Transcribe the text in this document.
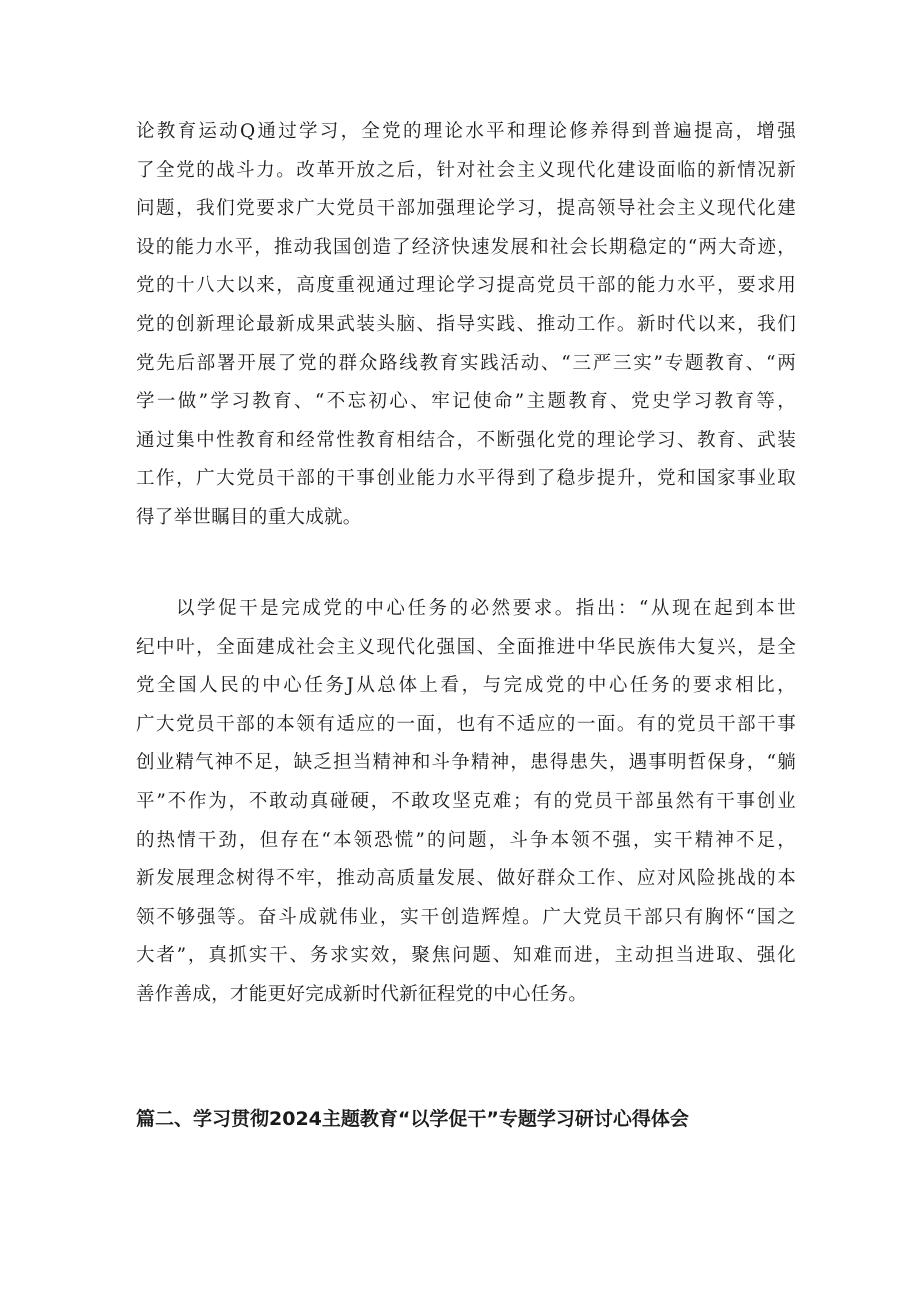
论教育运动Q通过学习，全党的理论水平和理论修养得到普遍提高，增强
了全党的战斗力。改革开放之后，针对社会主义现代化建设面临的新情况新
问题，我们党要求广大党员干部加强理论学习，提高领导社会主义现代化建
设的能力水平，推动我国创造了经济快速发展和社会长期稳定的“两大奇迹，
党的十八大以来，高度重视通过理论学习提高党员干部的能力水平，要求用
党的创新理论最新成果武装头脑、指导实践、推动工作。新时代以来，我们
党先后部署开展了党的群众路线教育实践活动、“三严三实”专题教育、“两
学一做”学习教育、“不忘初心、牢记使命”主题教育、党史学习教育等，
通过集中性教育和经常性教育相结合，不断强化党的理论学习、教育、武装
工作，广大党员干部的干事创业能力水平得到了稳步提升，党和国家事业取
得了举世瞩目的重大成就。
以学促干是完成党的中心任务的必然要求。指出：“从现在起到本世
纪中叶，全面建成社会主义现代化强国、全面推进中华民族伟大复兴，是全
党全国人民的中心任务J从总体上看，与完成党的中心任务的要求相比，
广大党员干部的本领有适应的一面，也有不适应的一面。有的党员干部干事
创业精气神不足，缺乏担当精神和斗争精神，患得患失，遇事明哲保身，“躺
平”不作为，不敢动真碰硬，不敢攻坚克难；有的党员干部虽然有干事创业
的热情干劲，但存在“本领恐慌”的问题，斗争本领不强，实干精神不足，
新发展理念树得不牢，推动高质量发展、做好群众工作、应对风险挑战的本
领不够强等。奋斗成就伟业，实干创造辉煌。广大党员干部只有胸怀“国之
大者”，真抓实干、务求实效，聚焦问题、知难而进，主动担当进取、强化
善作善成，才能更好完成新时代新征程党的中心任务。
篇二、学习贯彻2024主题教育“以学促干”专题学习研讨心得体会
